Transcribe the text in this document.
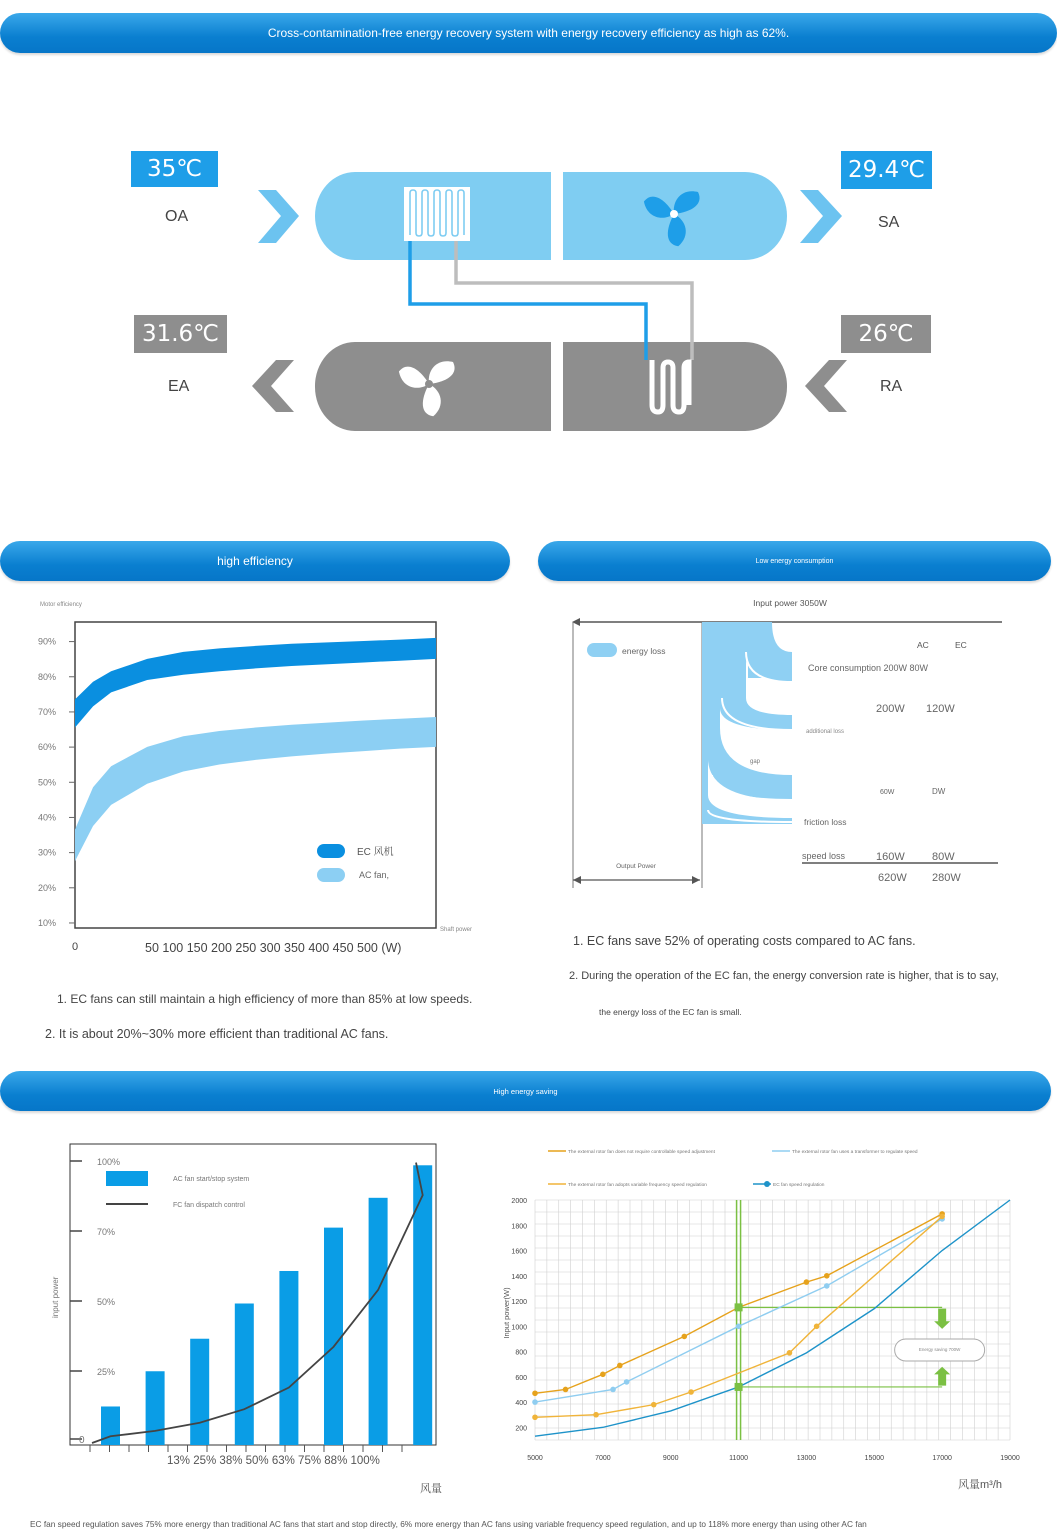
Cross-contamination-free energy recovery system with energy recovery efficiency as high as 62%.
35℃
OA
29.4℃
SA
31.6℃
EA
26℃
RA
high efficiency	Low energy consumption
Motor efficiency
Shaft power
90%
80%
70%
60%
50%
40%
30%
20%
10%
EC 风机
AC fan,
0	50 100 150 200 250 300 350 400 450 500 (W)
1. EC fans can still maintain a high efficiency of more than 85% at low speeds.
2. It is about 20%~30% more efficient than traditional AC fans.
Input power 3050W
Output Power
energy loss
AC	EC
Core consumption 200W 80W
200W 120W
additional loss
gap
60W	DW
friction loss
speed loss	160W 80W
620W 280W
1. EC fans save 52% of operating costs compared to AC fans.
2. During the operation of the EC fan, the energy conversion rate is higher, that is to say,
the energy loss of the EC fan is small.
High energy saving
100%
70%
50%
25%
0
input power
风量
AC fan start/stop system
FC fan dispatch control
13% 25% 38% 50% 63% 75% 88% 100%
200
400
600
800
1000
1200
1400
1600
1800
2000
5000	7000	9000	11000	13000	15000	17000	19000
Input power(W)
风量m³/h
Energy saving 700W
The external rotor fan does not require controllable speed adjustment	The external rotor fan uses a transformer to regulate speed
The external rotor fan adopts variable frequency speed regulation	EC fan speed regulation
EC fan speed regulation saves 75% more energy than traditional AC fans that start and stop directly, 6% more energy than AC fans using variable frequency speed regulation, and up to 118% more energy than using other AC fan
